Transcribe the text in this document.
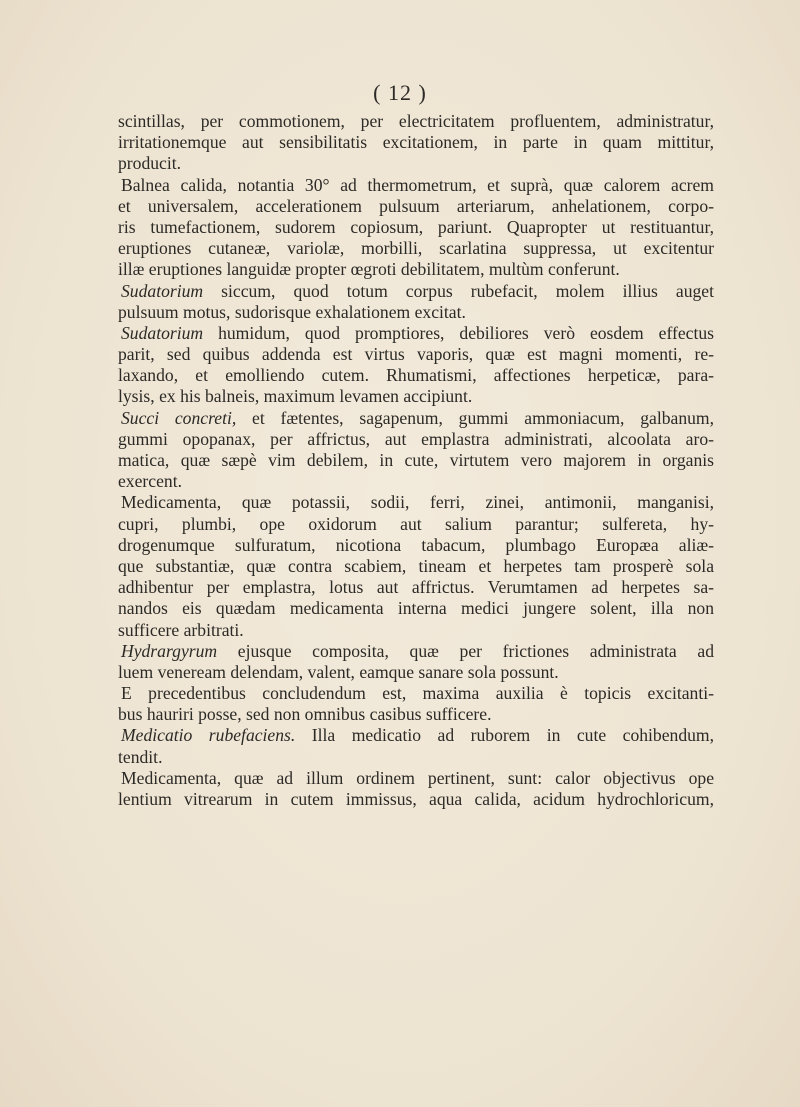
( 12 )
scintillas, per commotionem, per electricitatem profluentem, administratur,
irritationemque aut sensibilitatis excitationem, in parte in quam mittitur,
producit.
Balnea calida, notantia 30° ad thermometrum, et suprà, quæ calorem acrem
et universalem, accelerationem pulsuum arteriarum, anhelationem, corpo-
ris tumefactionem, sudorem copiosum, pariunt. Quapropter ut restituantur,
eruptiones cutaneæ, variolæ, morbilli, scarlatina suppressa, ut excitentur
illæ eruptiones languidæ propter œgroti debilitatem, multùm conferunt.
Sudatorium siccum, quod totum corpus rubefacit, molem illius auget
pulsuum motus, sudorisque exhalationem excitat.
Sudatorium humidum, quod promptiores, debiliores verò eosdem effectus
parit, sed quibus addenda est virtus vaporis, quæ est magni momenti, re-
laxando, et emolliendo cutem. Rhumatismi, affectiones herpeticæ, para-
lysis, ex his balneis, maximum levamen accipiunt.
Succi concreti, et fætentes, sagapenum, gummi ammoniacum, galbanum,
gummi opopanax, per affrictus, aut emplastra administrati, alcoolata aro-
matica, quæ sæpè vim debilem, in cute, virtutem vero majorem in organis
exercent.
Medicamenta, quæ potassii, sodii, ferri, zinei, antimonii, manganisi,
cupri, plumbi, ope oxidorum aut salium parantur; sulfereta, hy-
drogenumque sulfuratum, nicotiona tabacum, plumbago Europæa aliæ-
que substantiæ, quæ contra scabiem, tineam et herpetes tam prosperè sola
adhibentur per emplastra, lotus aut affrictus. Verumtamen ad herpetes sa-
nandos eis quædam medicamenta interna medici jungere solent, illa non
sufficere arbitrati.
Hydrargyrum ejusque composita, quæ per frictiones administrata ad
luem veneream delendam, valent, eamque sanare sola possunt.
E precedentibus concludendum est, maxima auxilia è topicis excitanti-
bus hauriri posse, sed non omnibus casibus sufficere.
Medicatio rubefaciens. Illa medicatio ad ruborem in cute cohibendum,
tendit.
Medicamenta, quæ ad illum ordinem pertinent, sunt: calor objectivus ope
lentium vitrearum in cutem immissus, aqua calida, acidum hydrochloricum,
